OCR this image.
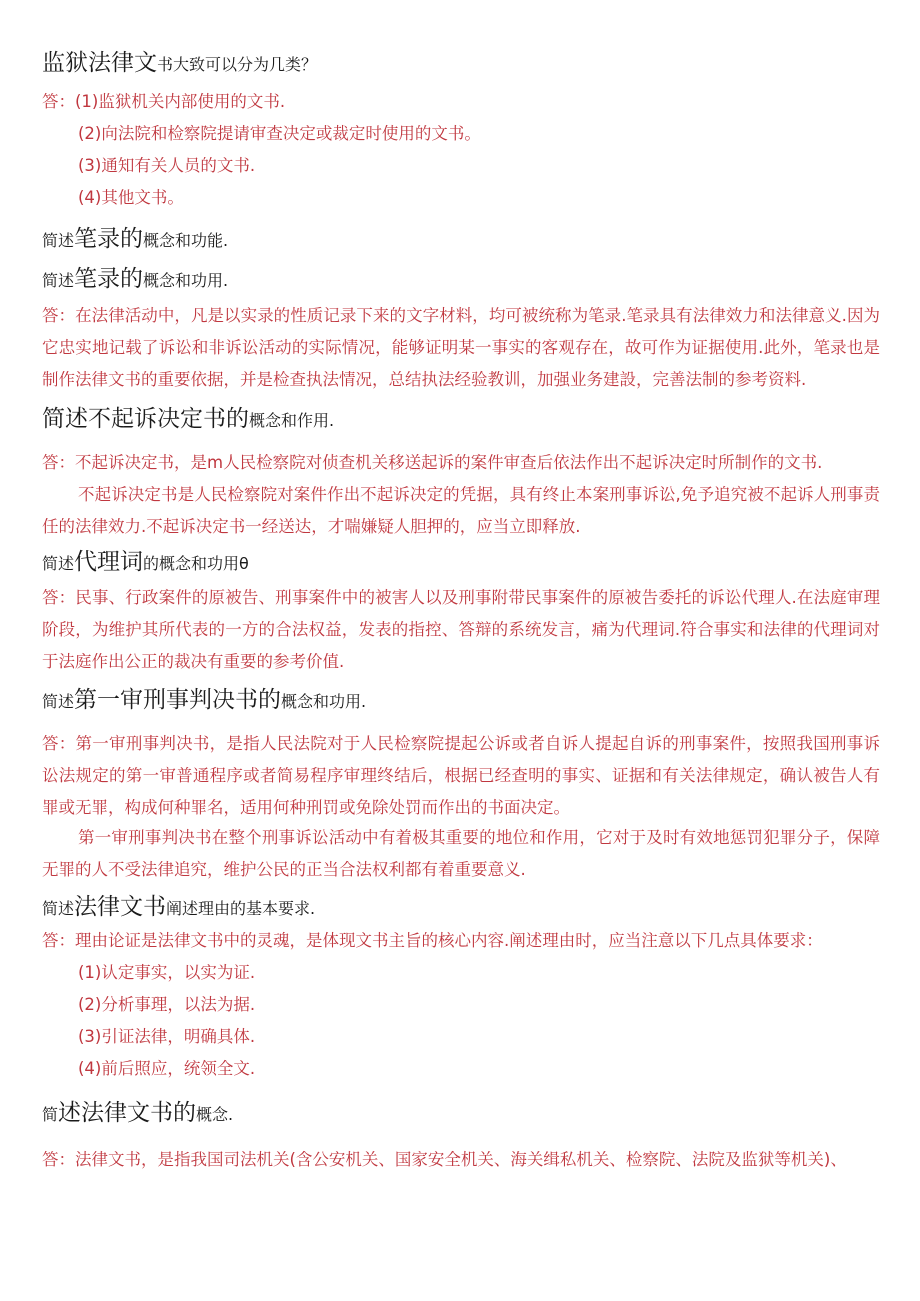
监狱法律文书大致可以分为几类？
答：(1)监狱机关内部使用的文书.
(2)向法院和检察院提请审查决定或裁定时使用的文书。
(3)通知有关人员的文书.
(4)其他文书。
简述笔录的概念和功能.
简述笔录的概念和功用.

答：在法律活动中，凡是以实录的性质记录下来的文字材料，均可被统称为笔录.笔录具有法律效力和法律意义.因为它忠实地记载了诉讼和非诉讼活动的实际情况，能够证明某一事实的客观存在，故可作为证据使用.此外，笔录也是制作法律文书的重要依据，并是检查执法情况，总结执法经验教训，加强业务建設，完善法制的参考资料.

简述不起诉决定书的概念和作用.

答：不起诉决定书，是m人民检察院对侦查机关移送起诉的案件审查后依法作出不起诉决定时所制作的文书.

不起诉决定书是人民检察院对案件作出不起诉决定的凭据，具有终止本案刑事诉讼,免予追究被不起诉人刑事责任的法律效力.不起诉决定书一经送达，才喘嫌疑人胆押的，应当立即释放.

简述代理词的概念和功用θ

答：民事、行政案件的原被告、刑事案件中的被害人以及刑事附带民事案件的原被告委托的诉讼代理人.在法庭审理阶段，为维护其所代表的一方的合法权益，发表的指控、答辩的系统发言，痛为代理词.符合事实和法律的代理词对于法庭作出公正的裁决有重要的参考价值.

简述第一审刑事判决书的概念和功用.

答：第一审刑事判决书，是指人民法院对于人民检察院提起公诉或者自诉人提起自诉的刑事案件，按照我国刑事诉讼法规定的第一审普通程序或者简易程序审理终结后，根据已经查明的事实、证据和有关法律规定，确认被告人有罪或无罪，构成何种罪名，适用何种刑罚或免除处罚而作出的书面决定。

第一审刑事判决书在整个刑事诉讼活动中有着极其重要的地位和作用，它对于及时有效地惩罚犯罪分子，保障无罪的人不受法律追究，维护公民的正当合法权利都有着重要意义.

简述法律文书阐述理由的基本要求.

答：理由论证是法律文书中的灵魂，是体现文书主旨的核心内容.阐述理由时，应当注意以下几点具体要求：

(1)认定事实，以实为证.
(2)分析事理，以法为据.
(3)引证法律，明确具体.
(4)前后照应，统领全文.
简述法律文书的概念.

答：法律文书，是指我国司法机关(含公安机关、国家安全机关、海关缉私机关、检察院、法院及监狱等机关)、
